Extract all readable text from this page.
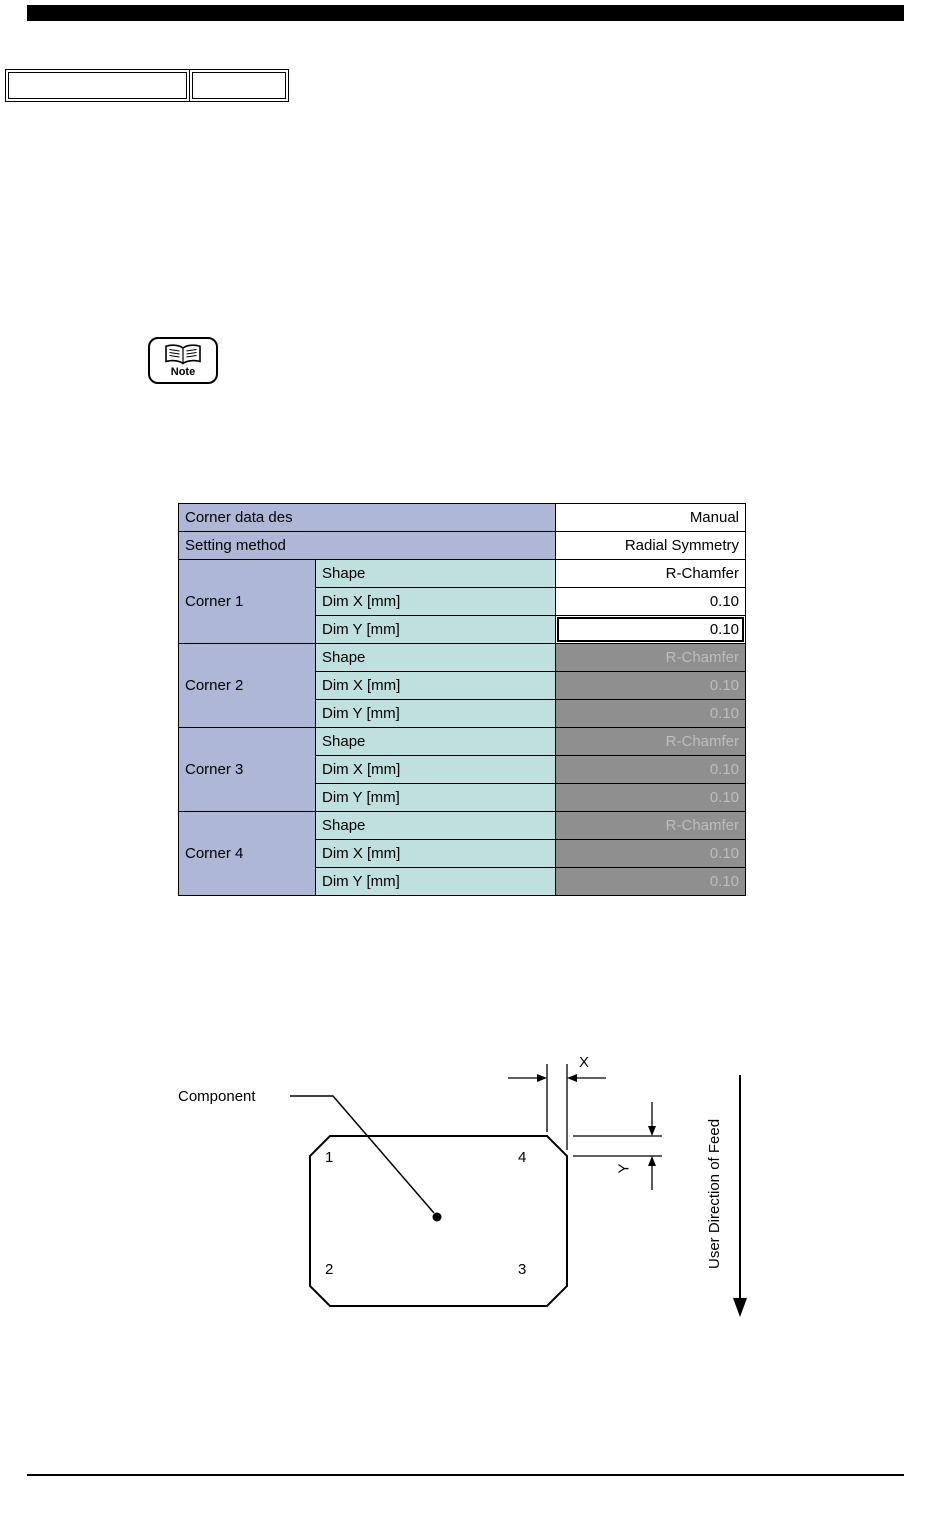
Note
Corner data des		Manual
Setting method		Radial Symmetry
Corner 1	Shape	R-Chamfer
	Dim X [mm]	0.10
	Dim Y [mm]	0.10
Corner 2	Shape	R-Chamfer
	Dim X [mm]	0.10
	Dim Y [mm]	0.10
Corner 3	Shape	R-Chamfer
	Dim X [mm]	0.10
	Dim Y [mm]	0.10
Corner 4	Shape	R-Chamfer
	Dim X [mm]	0.10
	Dim Y [mm]	0.10
Component
1	4
2	3
X
Y	User Direction of Feed
